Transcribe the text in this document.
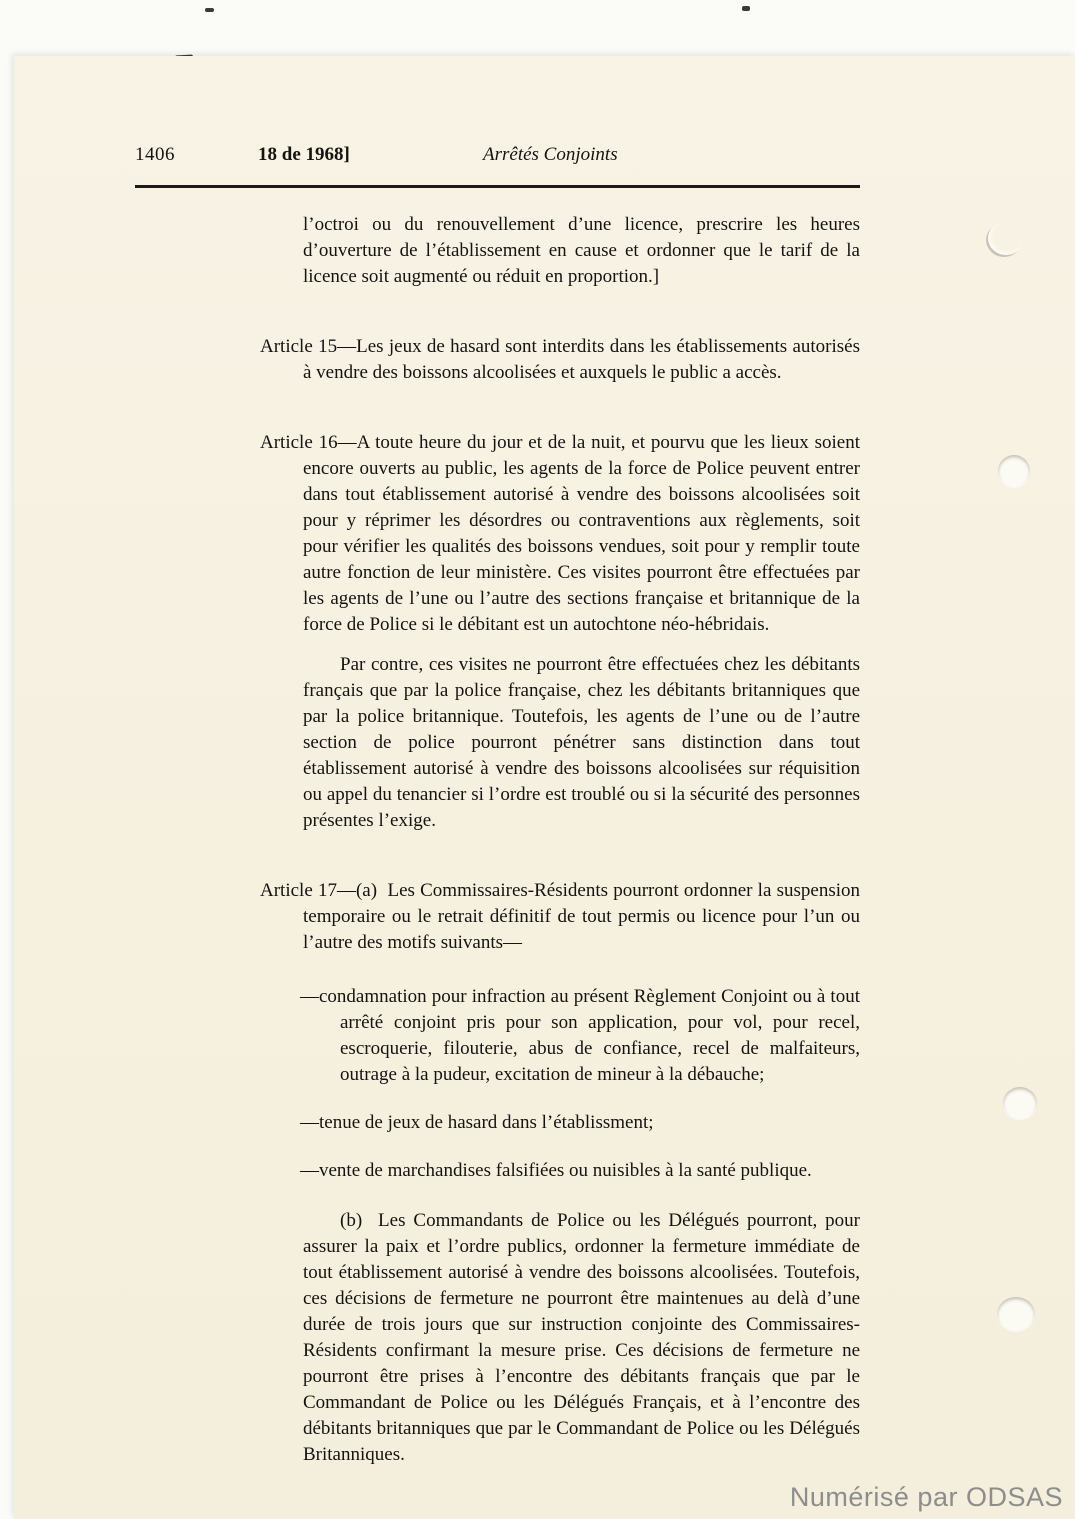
1406	18 de 1968]	Arrêtés Conjoints

l’octroi ou du renouvellement d’une licence, prescrire les heures d’ouverture de l’établissement en cause et ordonner que le tarif de la licence soit augmenté ou réduit en proportion.]

Article 15—Les jeux de hasard sont interdits dans les établissements autorisés à vendre des boissons alcoolisées et auxquels le public a accès.

Article 16—A toute heure du jour et de la nuit, et pourvu que les lieux soient encore ouverts au public, les agents de la force de Police peuvent entrer dans tout établissement autorisé à vendre des boissons alcoolisées soit pour y réprimer les désordres ou contraventions aux règlements, soit pour vérifier les qualités des boissons vendues, soit pour y remplir toute autre fonction de leur ministère. Ces visites pourront être effectuées par les agents de l’une ou l’autre des sections française et britannique de la force de Police si le débitant est un autochtone néo-hébridais.

Par contre, ces visites ne pourront être effectuées chez les débitants français que par la police française, chez les débitants britanniques que par la police britannique. Toutefois, les agents de l’une ou de l’autre section de police pourront pénétrer sans distinction dans tout établissement autorisé à vendre des boissons alcoolisées sur réquisition ou appel du tenancier si l’ordre est troublé ou si la sécurité des personnes présentes l’exige.

Article 17—(a)  Les Commissaires-Résidents pourront ordonner la suspension temporaire ou le retrait définitif de tout permis ou licence pour l’un ou l’autre des motifs suivants—

—condamnation pour infraction au présent Règlement Conjoint ou à tout arrêté conjoint pris pour son application, pour vol, pour recel, escroquerie, filouterie, abus de confiance, recel de malfaiteurs, outrage à la pudeur, excitation de mineur à la débauche;

—tenue de jeux de hasard dans l’établissment;

—vente de marchandises falsifiées ou nuisibles à la santé publique.

(b)  Les Commandants de Police ou les Délégués pourront, pour assurer la paix et l’ordre publics, ordonner la fermeture immédiate de tout établissement autorisé à vendre des boissons alcoolisées. Toutefois, ces décisions de fermeture ne pourront être maintenues au delà d’une durée de trois jours que sur instruction conjointe des Commissaires-Résidents confirmant la mesure prise. Ces décisions de fermeture ne pourront être prises à l’encontre des débitants français que par le Commandant de Police ou les Délégués Français, et à l’encontre des débitants britanniques que par le Commandant de Police ou les Délégués Britanniques.

Numérisé par ODSAS
